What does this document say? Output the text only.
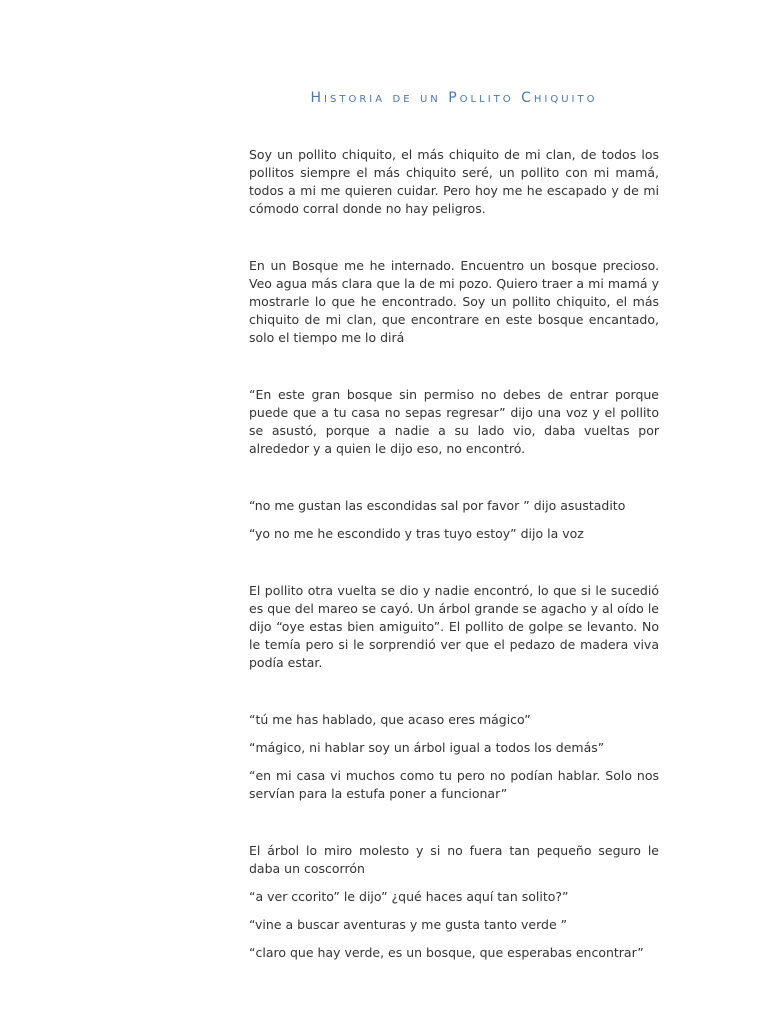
Historia de un Pollito Chiquito

Soy un pollito chiquito, el más chiquito de mi clan, de todos los pollitos siempre el más chiquito seré, un pollito con mi mamá, todos a mi me quieren cuidar. Pero hoy me he escapado y de mi cómodo corral donde no hay peligros.

En un Bosque me he internado. Encuentro un bosque precioso. Veo agua más clara que la de mi pozo. Quiero traer a mi mamá y mostrarle lo que he encontrado. Soy un pollito chiquito, el más chiquito de mi clan, que encontrare en este bosque encantado, solo el tiempo me lo dirá

“En este gran bosque sin permiso no debes de entrar porque puede que a tu casa no sepas regresar” dijo una voz y el pollito se asustó, porque a nadie a su lado vio, daba vueltas por alrededor y a quien le dijo eso, no encontró.

“no me gustan las escondidas sal por favor ” dijo asustadito

“yo no me he escondido y tras tuyo estoy” dijo la voz

El pollito otra vuelta se dio y nadie encontró, lo que si le sucedió es que del mareo se cayó. Un árbol grande se agacho y al oído le dijo “oye estas bien amiguito”. El pollito de golpe se levanto. No le temía pero si le sorprendió ver que el pedazo de madera viva podía estar.

“tú me has hablado, que acaso eres mágico”

“mágico, ni hablar soy un árbol igual a todos los demás”

“en mi casa vi muchos como tu pero no podían hablar. Solo nos servían para la estufa poner a funcionar”

El árbol lo miro molesto y si no fuera tan pequeño seguro le daba un coscorrón

“a ver ccorito” le dijo” ¿qué haces aquí tan solito?”

“vine a buscar aventuras y me gusta tanto verde ”

“claro que hay verde, es un bosque, que esperabas encontrar”
